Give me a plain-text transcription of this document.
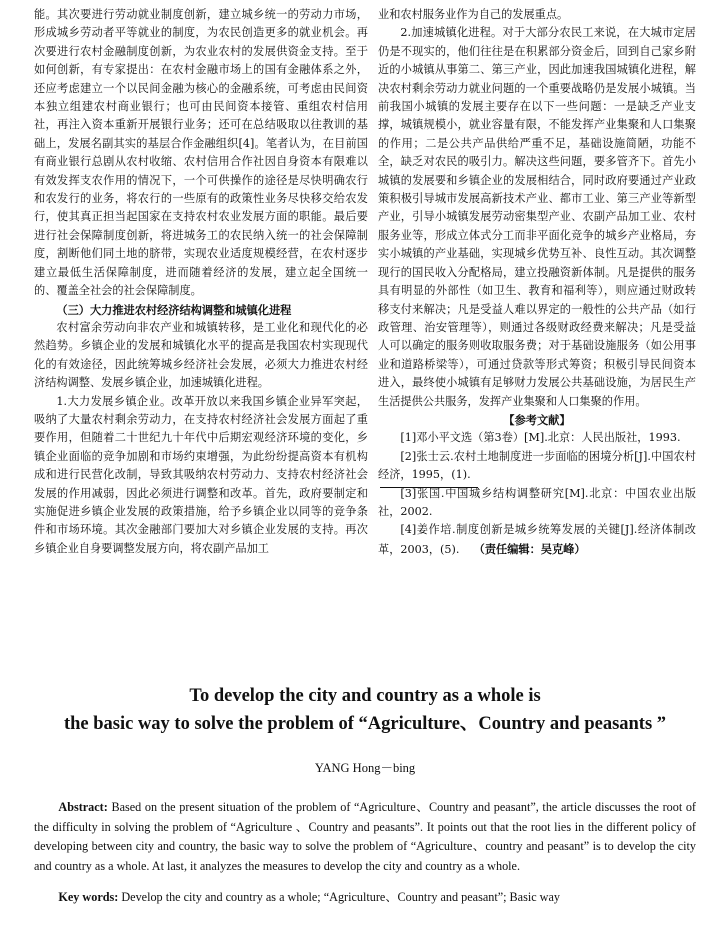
能。其次要进行劳动就业制度创新，建立城乡统一的劳动力市场，形成城乡劳动者平等就业的制度，为农民创造更多的就业机会。再次要进行农村金融制度创新，为农业农村的发展供资金支持。至于如何创新，有专家提出：在农村金融市场上的国有金融体系之外，还应考虑建立一个以民间金融为核心的金融系统，可考虑由民间资本独立组建农村商业银行；也可由民间资本接管、重组农村信用社，再注入资本重新开展银行业务；还可在总结吸取以往教训的基础上，发展名副其实的基层合作金融组织[4]。笔者认为，在目前国有商业银行总剧从农村收缩、农村信用合作社因自身资本有限难以有效发挥支农作用的情况下，一个可供操作的途径是尽快明确农行和农发行的业务，将农行的一些原有的政策性业务尽快移交给农发行，使其真正担当起国家在支持农村农业发展方面的职能。最后要进行社会保障制度创新，将进城务工的农民纳入统一的社会保障制度，割断他们同土地的脐带，实现农业适度规模经营，在农村逐步建立最低生活保障制度，进而随着经济的发展，建立起全国统一的、覆盖全社会的社会保障制度。

（三）大力推进农村经济结构调整和城镇化进程

农村富余劳动向非农产业和城镇转移，是工业化和现代化的必然趋势。乡镇企业的发展和城镇化水平的提高是我国农村实现现代化的有效途径，因此统筹城乡经济社会发展，必须大力推进农村经济结构调整、发展乡镇企业，加速城镇化进程。

1.大力发展乡镇企业。改革开放以来我国乡镇企业异军突起，吸纳了大量农村剩余劳动力，在支持农村经济社会发展方面起了重要作用，但随着二十世纪九十年代中后期宏观经济环境的变化，乡镇企业面临的竞争加剧和市场约束增强，为此纷纷提高资本有机构成和进行民营化改制，导致其吸纳农村劳动力、支持农村经济社会发展的作用减弱，因此必须进行调整和改革。首先，政府要制定和实施促进乡镇企业发展的政策措施，给予乡镇企业以同等的竞争条件和市场环境。其次金融部门要加大对乡镇企业发展的支持。再次乡镇企业自身要调整发展方向，将农副产品加工

业和农村服务业作为自己的发展重点。

2.加速城镇化进程。对于大部分农民工来说，在大城市定居仍是不现实的，他们往往是在积累部分资金后，回到自己家乡附近的小城镇从事第二、第三产业，因此加速我国城镇化进程，解决农村剩余劳动力就业问题的一个重要战略仍是发展小城镇。当前我国小城镇的发展主要存在以下一些问题：一是缺乏产业支撑，城镇规模小，就业容量有限，不能发挥产业集聚和人口集聚的作用；二是公共产品供给严重不足，基础设施简陋，功能不全，缺乏对农民的吸引力。解决这些问题，要多管齐下。首先小城镇的发展要和乡镇企业的发展相结合，同时政府要通过产业政策积极引导城市发展高新技术产业、都市工业、第三产业等新型产业，引导小城镇发展劳动密集型产业、农副产品加工业、农村服务业等，形成立体式分工而非平面化竞争的城乡产业格局，夯实小城镇的产业基础，实现城乡优势互补、良性互动。其次调整现行的国民收入分配格局，建立投融资新体制。凡是提供的服务具有明显的外部性（如卫生、教育和福利等），则应通过财政转移支付来解决；凡是受益人难以界定的一般性的公共产品（如行政管理、治安管理等），则通过各级财政经费来解决；凡是受益人可以确定的服务则收取服务费；对于基础设施服务（如公用事业和道路桥梁等），可通过贷款等形式筹资；积极引导民间资本进入，最终使小城镇有足够财力发展公共基础设施，为居民生产生活提供公共服务，发挥产业集聚和人口集聚的作用。

【参考文献】

[1]邓小平文选（第3卷）[M].北京：人民出版社，1993.

[2]张士云.农村土地制度进一步面临的困境分析[J].中国农村经济，1995，(1).

[3]张国.中国城乡结构调整研究[M].北京：中国农业出版社，2002.

[4]姜作培.制度创新是城乡统筹发展的关键[J].经济体制改革，2003，(5). （责任编辑：吴克峰）

To develop the city and country as a whole is
the basic way to solve the problem of “Agriculture、Country and peasants ”

YANG Hong－bing

Abstract: Based on the present situation of the problem of “Agriculture、Country and peasant”, the article discusses the root of the difficulty in solving the problem of “Agriculture 、Country and peasants”. It points out that the root lies in the different policy of developing between city and country, the basic way to solve the problem of “Agriculture、country and peasant” is to develop the city and country as a whole. At last, it analyzes the measures to develop the city and country as a whole.

Key words: Develop the city and country as a whole; “Agriculture、Country and peasant”; Basic way
